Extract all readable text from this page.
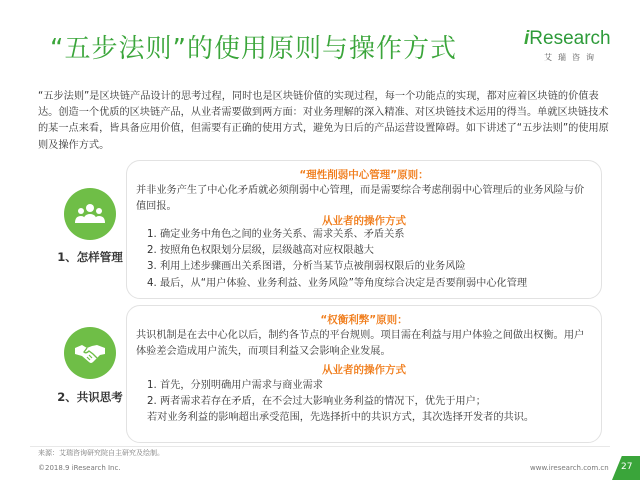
“五步法则”的使用原则与操作方式	iResearch
艾瑞咨询
“五步法则”是区块链产品设计的思考过程，同时也是区块链价值的实现过程，每一个功能点的实现，都对应着区块链的价值表达。创造一个优质的区块链产品，从业者需要做到两方面：对业务理解的深入精准、对区块链技术运用的得当。单就区块链技术的某一点来看，皆具备应用价值，但需要有正确的使用方式，避免为日后的产品运营设置障碍。如下讲述了“五步法则”的使用原则及操作方式。
1、怎样管理
“理性削弱中心管理”原则：
并非业务产生了中心化矛盾就必须削弱中心管理，而是需要综合考虑削弱中心管理后的业务风险与价值回报。
从业者的操作方式
1. 确定业务中角色之间的业务关系、需求关系、矛盾关系
2. 按照角色权限划分层级，层级越高对应权限越大
3. 利用上述步骤画出关系图谱，分析当某节点被削弱权限后的业务风险
4. 最后，从“用户体验、业务利益、业务风险”等角度综合决定是否要削弱中心化管理
2、共识思考
“权衡利弊”原则：
共识机制是在去中心化以后，制约各节点的平台规则。项目需在利益与用户体验之间做出权衡。用户体验差会造成用户流失，而项目利益又会影响企业发展。
从业者的操作方式
1. 首先，分别明确用户需求与商业需求
2. 两者需求若存在矛盾，在不会过大影响业务利益的情况下，优先于用户；
若对业务利益的影响超出承受范围，先选择折中的共识方式，其次选择开发者的共识。
来源：艾瑞咨询研究院自主研究及绘制。
©2018.9 iResearch Inc.	www.iresearch.com.cn 27
